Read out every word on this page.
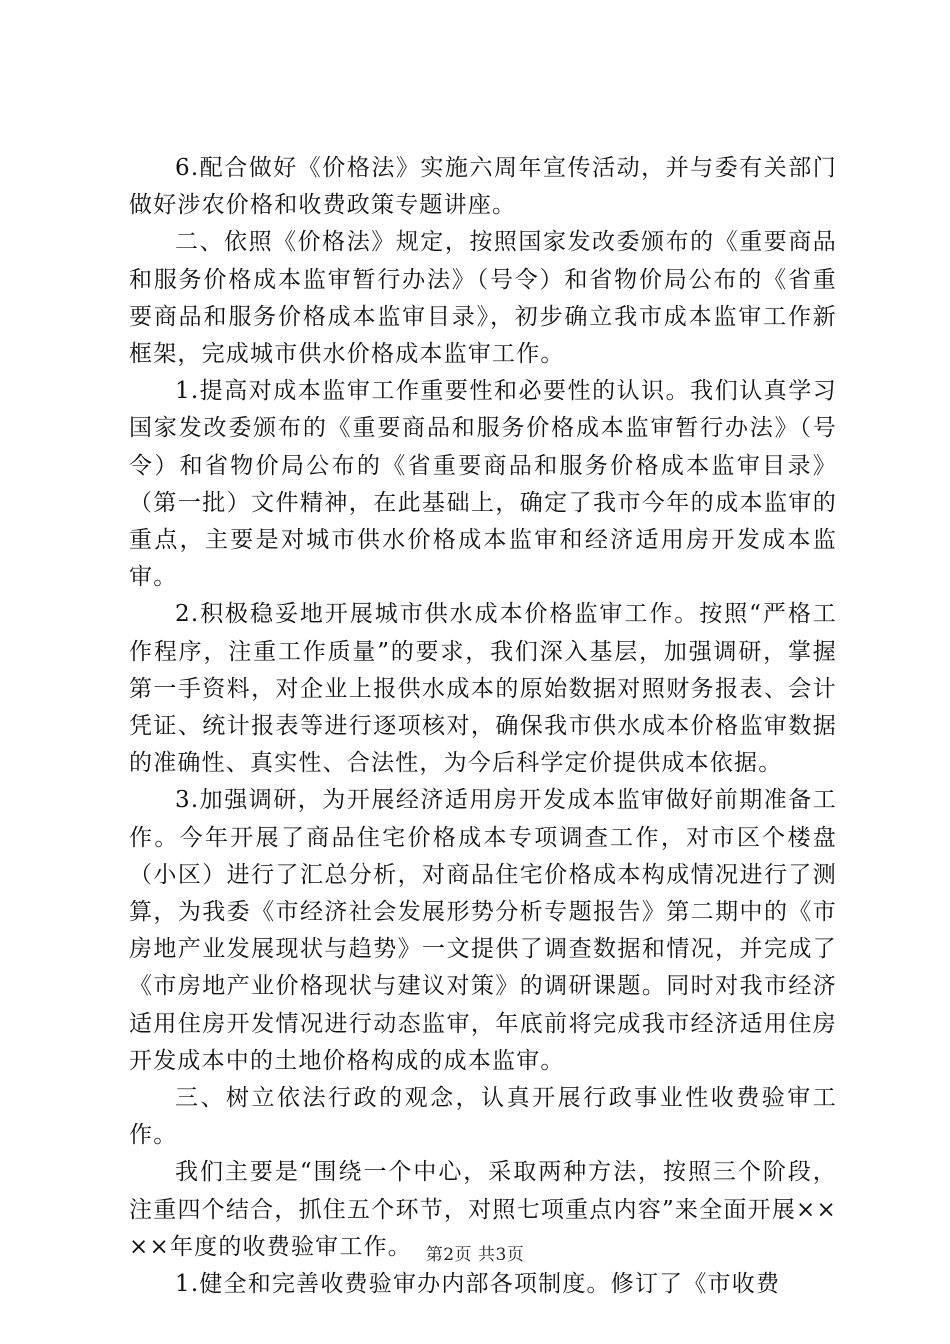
6.配合做好《价格法》实施六周年宣传活动，并与委有关部门做好涉农价格和收费政策专题讲座。

二、依照《价格法》规定，按照国家发改委颁布的《重要商品和服务价格成本监审暂行办法》（号令）和省物价局公布的《省重要商品和服务价格成本监审目录》，初步确立我市成本监审工作新框架，完成城市供水价格成本监审工作。

1.提高对成本监审工作重要性和必要性的认识。我们认真学习国家发改委颁布的《重要商品和服务价格成本监审暂行办法》（号令）和省物价局公布的《省重要商品和服务价格成本监审目录》（第一批）文件精神，在此基础上，确定了我市今年的成本监审的重点，主要是对城市供水价格成本监审和经济适用房开发成本监审。

2.积极稳妥地开展城市供水成本价格监审工作。按照“严格工作程序，注重工作质量”的要求，我们深入基层，加强调研，掌握第一手资料，对企业上报供水成本的原始数据对照财务报表、会计凭证、统计报表等进行逐项核对，确保我市供水成本价格监审数据的准确性、真实性、合法性，为今后科学定价提供成本依据。

3.加强调研，为开展经济适用房开发成本监审做好前期准备工作。今年开展了商品住宅价格成本专项调查工作，对市区个楼盘（小区）进行了汇总分析，对商品住宅价格成本构成情况进行了测算，为我委《市经济社会发展形势分析专题报告》第二期中的《市房地产业发展现状与趋势》一文提供了调查数据和情况，并完成了《市房地产业价格现状与建议对策》的调研课题。同时对我市经济适用住房开发情况进行动态监审，年底前将完成我市经济适用住房开发成本中的土地价格构成的成本监审。

三、树立依法行政的观念，认真开展行政事业性收费验审工作。

我们主要是“围绕一个中心，采取两种方法，按照三个阶段，注重四个结合，抓住五个环节，对照七项重点内容”来全面开展××××年度的收费验审工作。

1.健全和完善收费验审办内部各项制度。修订了《市收费

第2页 共3页
